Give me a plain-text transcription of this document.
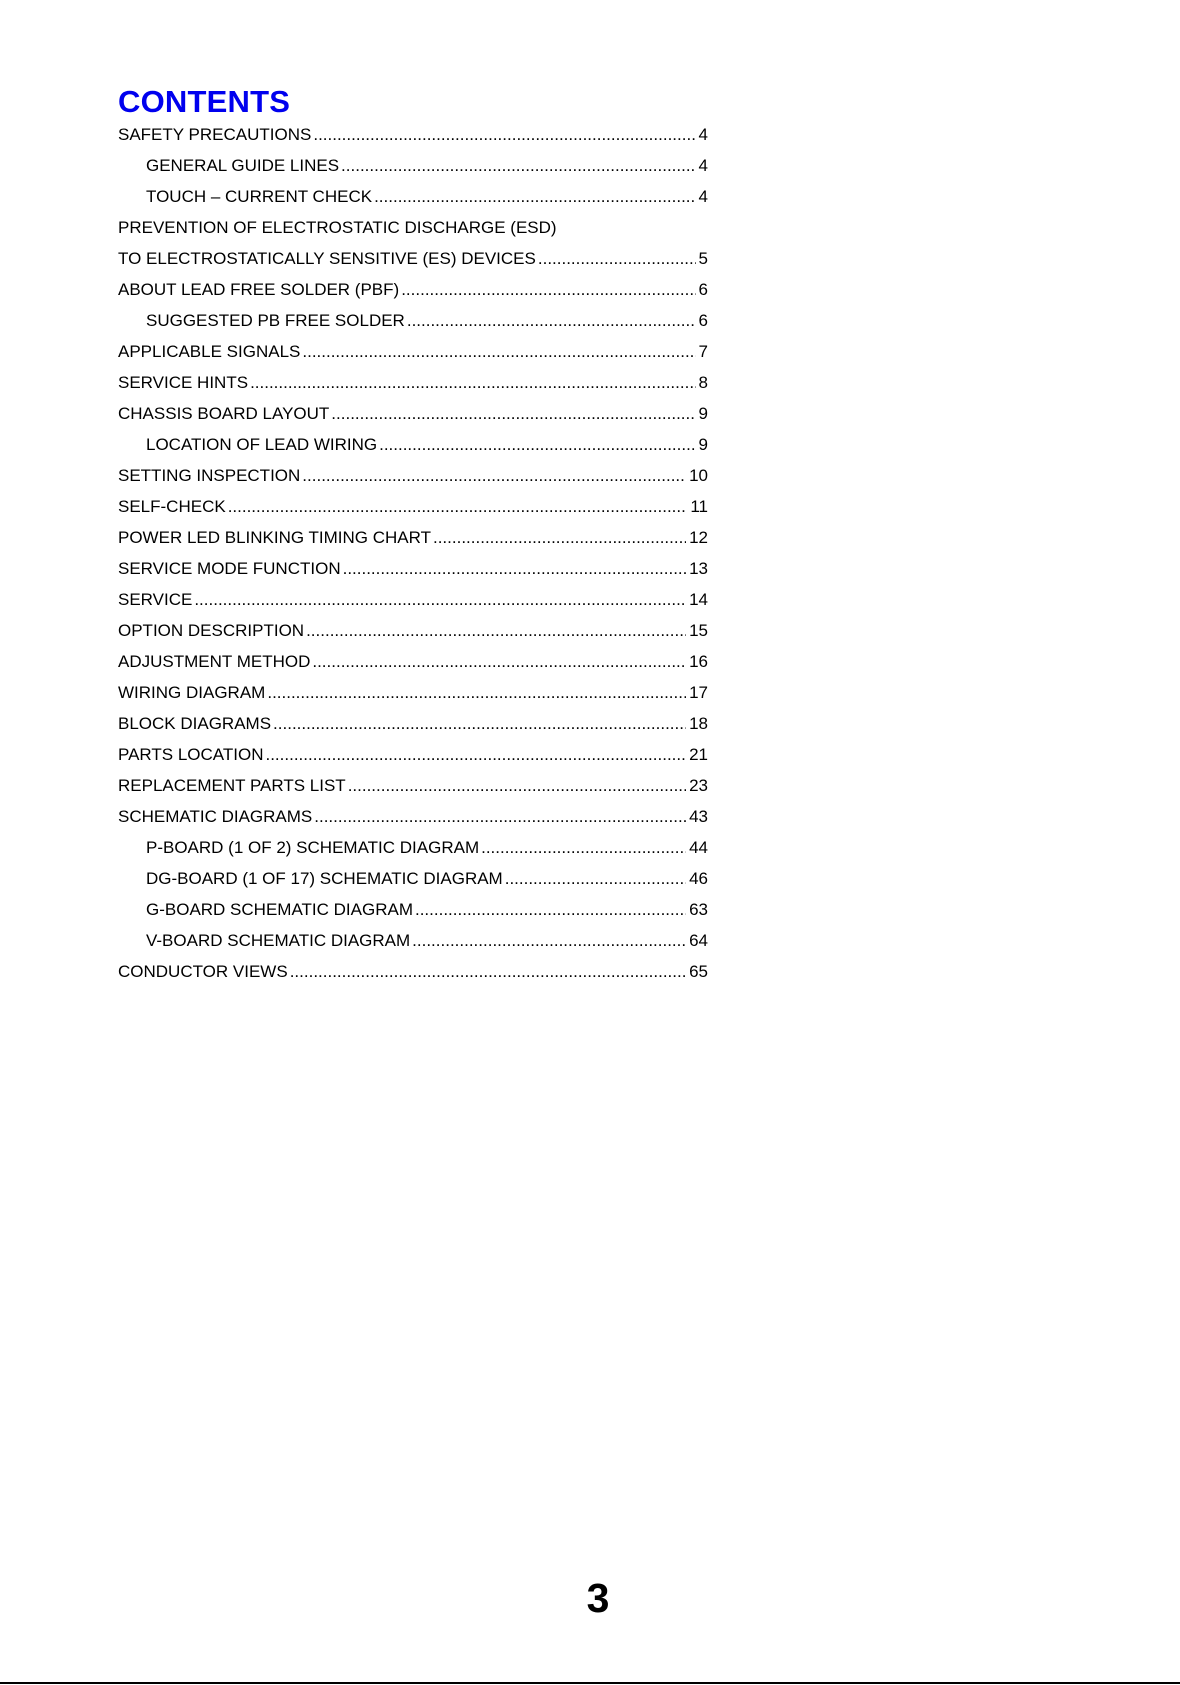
CONTENTS
SAFETY PRECAUTIONS .....	4
GENERAL GUIDE LINES .....	4
TOUCH – CURRENT CHECK .....	4
PREVENTION OF ELECTROSTATIC DISCHARGE (ESD)
TO ELECTROSTATICALLY SENSITIVE (ES) DEVICES .....	5
ABOUT LEAD FREE SOLDER (PBF) .....	6
SUGGESTED PB FREE SOLDER .....	6
APPLICABLE SIGNALS .....	7
SERVICE HINTS .....	8
CHASSIS BOARD LAYOUT .....	9
LOCATION OF LEAD WIRING .....	9
SETTING INSPECTION .....	10
SELF-CHECK .....	11
POWER LED BLINKING TIMING CHART .....	12
SERVICE MODE FUNCTION .....	13
SERVICE .....	14
OPTION DESCRIPTION .....	15
ADJUSTMENT METHOD .....	16
WIRING DIAGRAM .....	17
BLOCK DIAGRAMS .....	18
PARTS LOCATION .....	21
REPLACEMENT PARTS LIST .....	23
SCHEMATIC DIAGRAMS .....	43
P-BOARD (1 OF 2) SCHEMATIC DIAGRAM .....	44
DG-BOARD (1 OF 17) SCHEMATIC DIAGRAM .....	46
G-BOARD SCHEMATIC DIAGRAM .....	63
V-BOARD SCHEMATIC DIAGRAM .....	64
CONDUCTOR VIEWS .....	65
3
